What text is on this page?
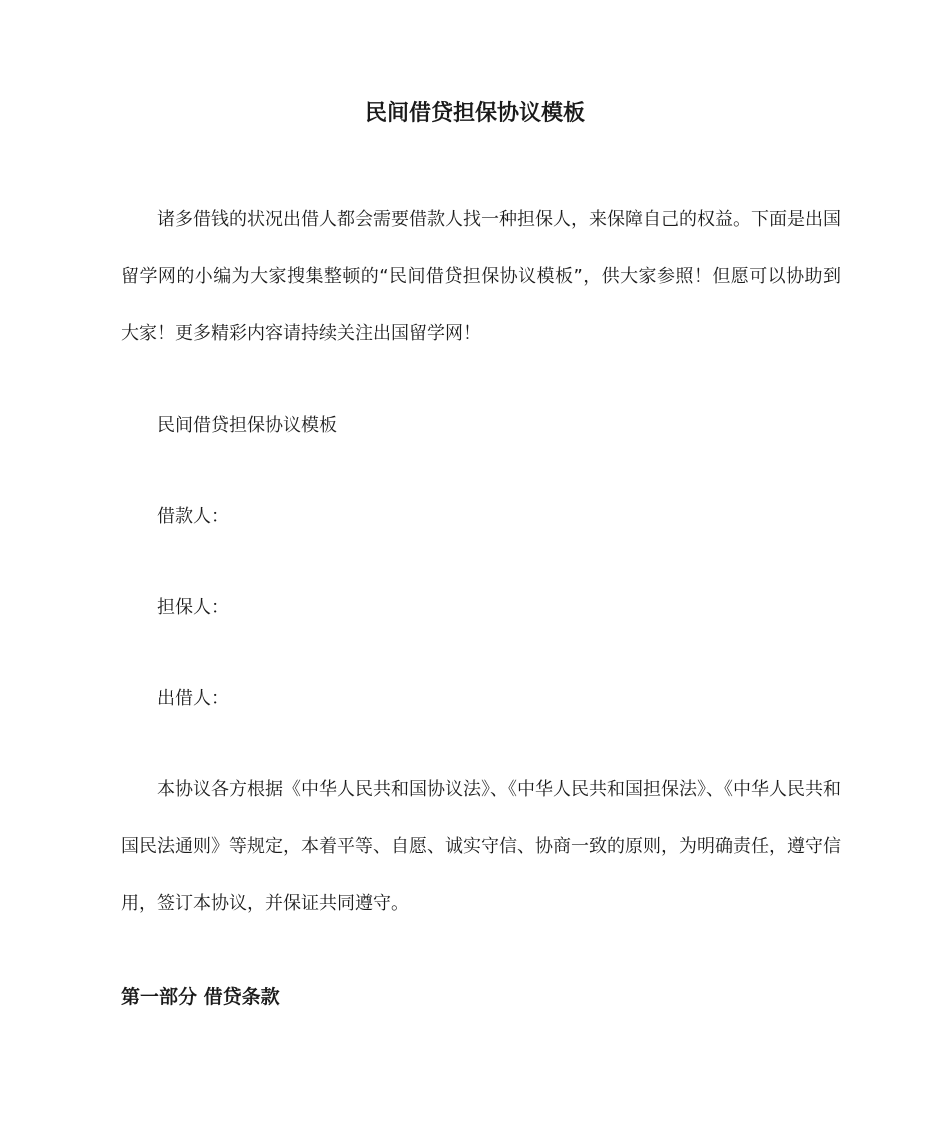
民间借贷担保协议模板

诸多借钱的状况出借人都会需要借款人找一种担保人，来保障自己的权益。下面是出国留学网的小编为大家搜集整顿的“民间借贷担保协议模板”，供大家参照！但愿可以协助到大家！更多精彩内容请持续关注出国留学网！

民间借贷担保协议模板

借款人：

担保人：

出借人：

本协议各方根据《中华人民共和国协议法》、《中华人民共和国担保法》、《中华人民共和国民法通则》等规定，本着平等、自愿、诚实守信、协商一致的原则，为明确责任，遵守信用，签订本协议，并保证共同遵守。

第一部分 借贷条款
